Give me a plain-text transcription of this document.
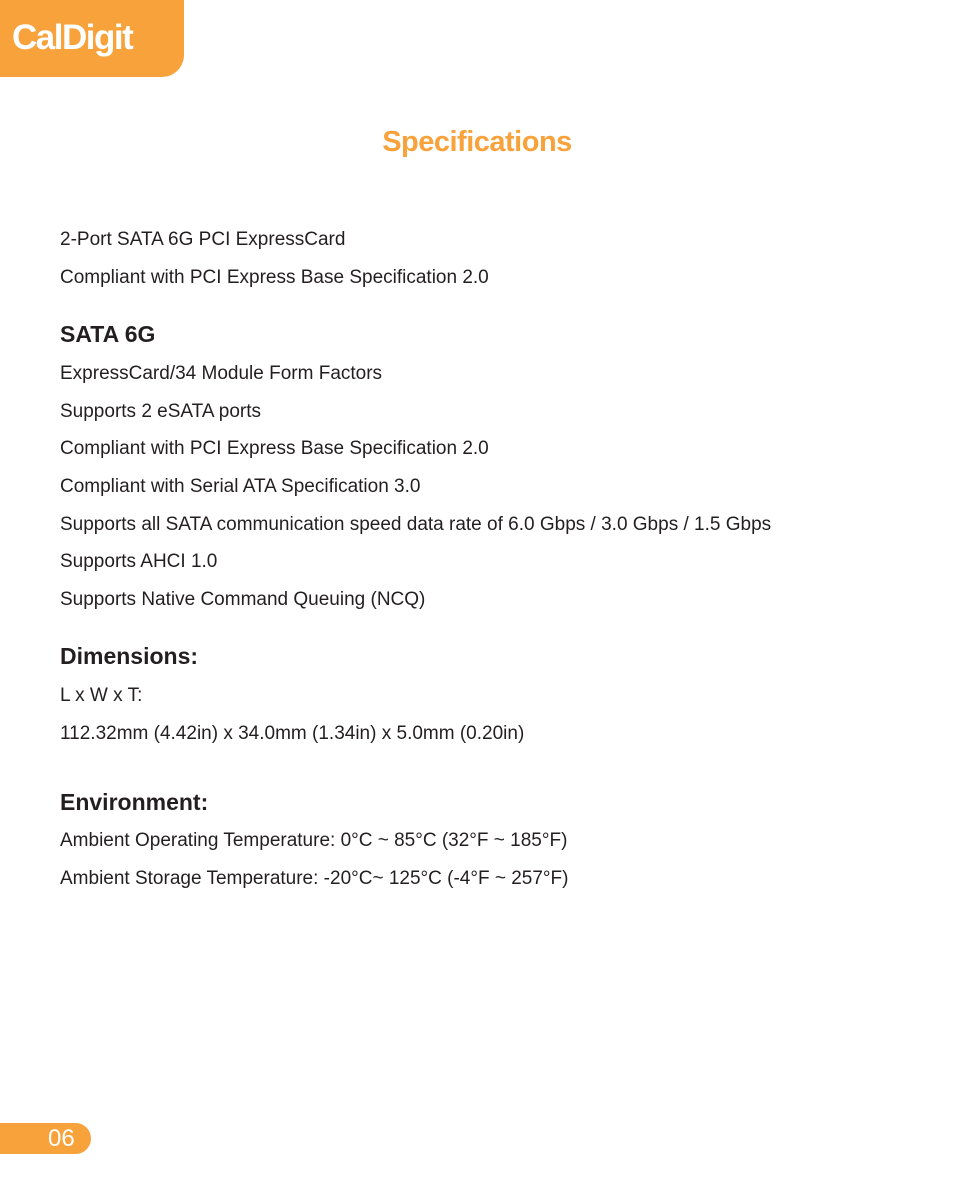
CalDigit
Specifications
2-Port SATA 6G PCI ExpressCard
Compliant with PCI Express Base Specification 2.0
SATA 6G
ExpressCard/34 Module Form Factors
Supports 2 eSATA ports
Compliant with PCI Express Base Specification 2.0
Compliant with Serial ATA Specification 3.0
Supports all SATA communication speed data rate of 6.0 Gbps / 3.0 Gbps / 1.5 Gbps
Supports AHCI 1.0
Supports Native Command Queuing (NCQ)
Dimensions:
L x W x T:
112.32mm (4.42in) x 34.0mm (1.34in) x 5.0mm (0.20in)
Environment:
Ambient Operating Temperature: 0°C ~ 85°C (32°F ~ 185°F)
Ambient Storage Temperature: -20°C~ 125°C (-4°F ~ 257°F)
06
